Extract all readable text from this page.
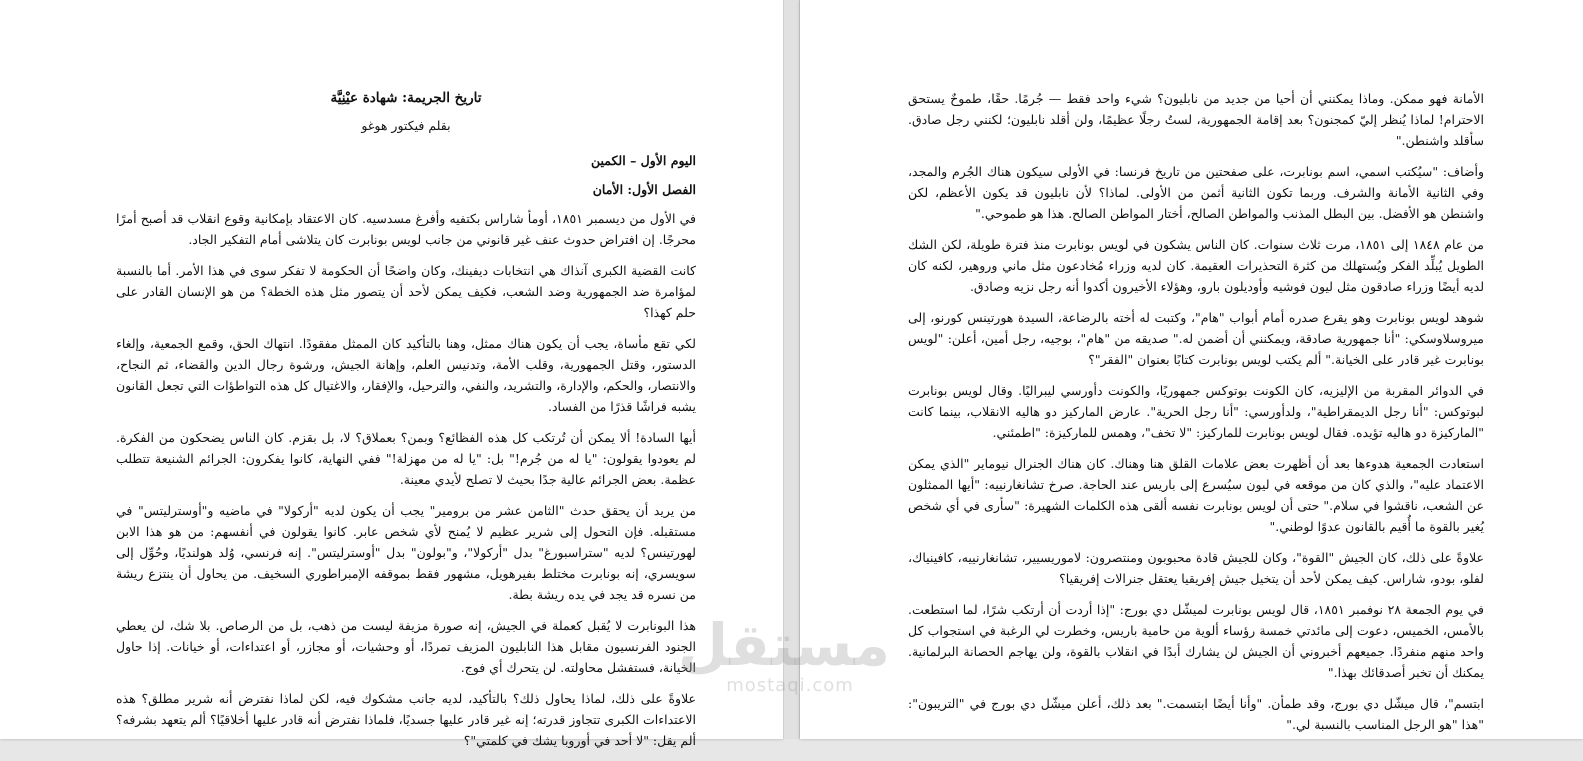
تاريخ الجريمة: شهادة عيْنِيَّة

بقلم فيكتور هوغو

اليوم الأول – الكمين

الفصل الأول: الأمان

في الأول من ديسمبر ١٨٥١، أومأ شاراس بكتفيه وأفرغ مسدسيه. كان الاعتقاد بإمكانية وقوع انقلاب قد أصبح أمرًا محرجًا. إن افتراض حدوث عنف غير قانوني من جانب لويس بونابرت كان يتلاشى أمام التفكير الجاد.

كانت القضية الكبرى آنذاك هي انتخابات ديفينك، وكان واضحًا أن الحكومة لا تفكر سوى في هذا الأمر. أما بالنسبة لمؤامرة ضد الجمهورية وضد الشعب، فكيف يمكن لأحد أن يتصور مثل هذه الخطة؟ من هو الإنسان القادر على حلم كهذا؟

لكي تقع مأساة، يجب أن يكون هناك ممثل، وهنا بالتأكيد كان الممثل مفقودًا. انتهاك الحق، وقمع الجمعية، وإلغاء الدستور، وقتل الجمهورية، وقلب الأمة، وتدنيس العلم، وإهانة الجيش، ورشوة رجال الدين والقضاء، ثم النجاح، والانتصار، والحكم، والإدارة، والتشريد، والنفي، والترحيل، والإفقار، والاغتيال كل هذه التواطؤات التي تجعل القانون يشبه فراشًا قذرًا من الفساد.

أيها السادة! ألا يمكن أن تُرتكب كل هذه الفظائع؟ وبمن؟ بعملاق؟ لا، بل بقزم. كان الناس يضحكون من الفكرة. لم يعودوا يقولون: "يا له من جُرم!" بل: "يا له من مهزلة!" ففي النهاية، كانوا يفكرون: الجرائم الشنيعة تتطلب عظمة. بعض الجرائم عالية جدًا بحيث لا تصلح لأيدي معينة.

من يريد أن يحقق حدث "الثامن عشر من برومير" يجب أن يكون لديه "أركولا" في ماضيه و"أوسترليتس" في مستقبله. فإن التحول إلى شرير عظيم لا يُمنح لأي شخص عابر. كانوا يقولون في أنفسهم: من هو هذا الابن لهورتينس؟ لديه "ستراسبورغ" بدل "أركولا"، و"بولون" بدل "أوسترليتس". إنه فرنسي، وُلد هولنديًا، وحُوِّل إلى سويسري، إنه بونابرت مختلط بفيرهويل، مشهور فقط بموقفه الإمبراطوري السخيف. من يحاول أن ينتزع ريشة من نسره قد يجد في يده ريشة بطة.

هذا البونابرت لا يُقبل كعملة في الجيش، إنه صورة مزيفة ليست من ذهب، بل من الرصاص. بلا شك، لن يعطي الجنود الفرنسيون مقابل هذا النابليون المزيف تمردًا، أو وحشيات، أو مجازر، أو اعتداءات، أو خيانات. إذا حاول الخيانة، فستفشل محاولته. لن يتحرك أي فوج.

علاوةً على ذلك، لماذا يحاول ذلك؟ بالتأكيد، لديه جانب مشكوك فيه، لكن لماذا نفترض أنه شرير مطلق؟ هذه الاعتداءات الكبرى تتجاوز قدرته؛ إنه غير قادر عليها جسديًا، فلماذا نفترض أنه قادر عليها أخلاقيًا؟ ألم يتعهد بشرفه؟ ألم يقل: "لا أحد في أوروبا يشك في كلمتي"؟

الأمانة فهو ممكن. وماذا يمكنني أن أحيا من جديد من نابليون؟ شيء واحد فقط — جُرمًا. حقًا، طموحٌ يستحق الاحترام! لماذا يُنظر إليّ كمجنون؟ بعد إقامة الجمهورية، لستُ رجلًا عظيمًا، ولن أقلد نابليون؛ لكنني رجل صادق. سأقلد واشنطن."

وأضاف: "سيُكتب اسمي، اسم بونابرت، على صفحتين من تاريخ فرنسا: في الأولى سيكون هناك الجُرم والمجد، وفي الثانية الأمانة والشرف. وربما تكون الثانية أثمن من الأولى. لماذا؟ لأن نابليون قد يكون الأعظم، لكن واشنطن هو الأفضل. بين البطل المذنب والمواطن الصالح، أختار المواطن الصالح. هذا هو طموحي."

من عام ١٨٤٨ إلى ١٨٥١، مرت ثلاث سنوات. كان الناس يشكون في لويس بونابرت منذ فترة طويلة، لكن الشك الطويل يُبلِّد الفكر ويُستهلك من كثرة التحذيرات العقيمة. كان لديه وزراء مُخادعون مثل ماني وروهير، لكنه كان لديه أيضًا وزراء صادقون مثل ليون فوشيه وأوديلون بارو، وهؤلاء الأخيرون أكدوا أنه رجل نزيه وصادق.

شوهد لويس بونابرت وهو يقرع صدره أمام أبواب "هام"، وكتبت له أخته بالرضاعة، السيدة هورتينس كورنو، إلى ميروسلاوسكي: "أنا جمهورية صادقة، ويمكنني أن أضمن له." صديقه من "هام"، بوجيه، رجل أمين، أعلن: "لويس بونابرت غير قادر على الخيانة." ألم يكتب لويس بونابرت كتابًا بعنوان "الفقر"؟

في الدوائر المقربة من الإليزيه، كان الكونت بوتوكس جمهوريًا، والكونت دأورسي ليبراليًا. وقال لويس بونابرت لبوتوكس: "أنا رجل الديمقراطية"، ولدأورسي: "أنا رجل الحرية". عارض الماركيز دو هاليه الانقلاب، بينما كانت "الماركيزة دو هاليه تؤيده. فقال لويس بونابرت للماركيز: "لا تخف"، وهمس للماركيزة: "اطمئني.

استعادت الجمعية هدوءها بعد أن أظهرت بعض علامات القلق هنا وهناك. كان هناك الجنرال نيوماير "الذي يمكن الاعتماد عليه"، والذي كان من موقعه في ليون سيُسرع إلى باريس عند الحاجة. صرخ تشانغارنييه: "أيها الممثلون عن الشعب، ناقشوا في سلام." حتى أن لويس بونابرت نفسه ألقى هذه الكلمات الشهيرة: "سأرى في أي شخص يُغير بالقوة ما أُقيم بالقانون عدوًا لوطني."

علاوةً على ذلك، كان الجيش "القوة"، وكان للجيش قادة محبوبون ومنتصرون: لاموريسيير، تشانغارنييه، كافينياك، لفلو، بودو، شاراس. كيف يمكن لأحد أن يتخيل جيش إفريقيا يعتقل جنرالات إفريقيا؟

في يوم الجمعة ٢٨ نوفمبر ١٨٥١، قال لويس بونابرت لميشّل دي بورج: "إذا أردت أن أرتكب شرًا، لما استطعت. بالأمس، الخميس، دعوت إلى مائدتي خمسة رؤساء ألوية من حامية باريس، وخطرت لي الرغبة في استجواب كل واحد منهم منفردًا. جميعهم أخبروني أن الجيش لن يشارك أبدًا في انقلاب بالقوة، ولن يهاجم الحصانة البرلمانية. يمكنك أن تخبر أصدقائك بهذا."

ابتسم"، قال ميشّل دي بورج، وقد طمأن. "وأنا أيضًا ابتسمت." بعد ذلك، أعلن ميشّل دي بورج في "التريبون": "هذا "هو الرجل المناسب بالنسبة لي."

مستقل
mostaqi.com
